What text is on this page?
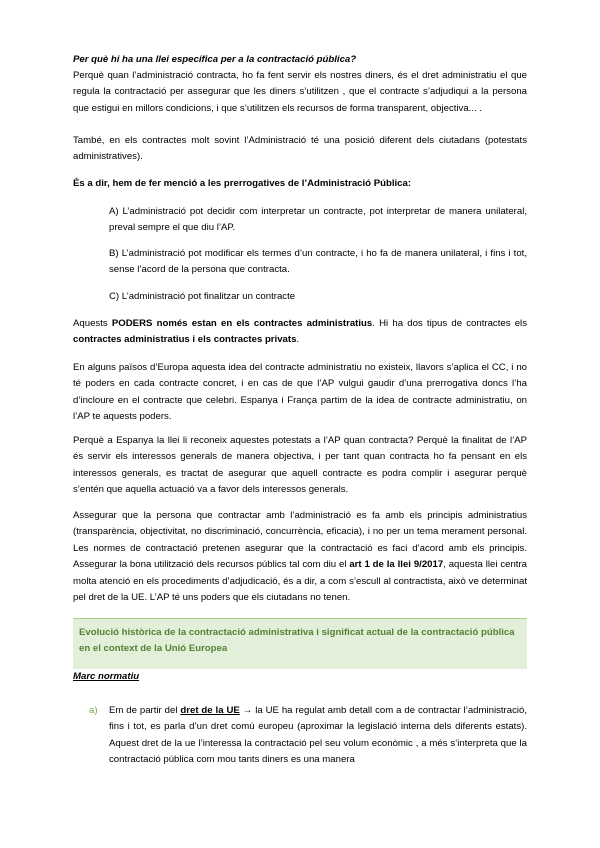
Per què hi ha una llei específica per a la contractació pública?
Perquè quan l’administració contracta, ho fa fent servir els nostres diners, és el dret administratiu el que regula la contractació per assegurar que les diners s’utilitzen , que el contracte s’adjudiqui a la persona que estigui en millors condicions, i que s’utilitzen els recursos de forma transparent, objectiva... .
També, en els contractes molt sovint l’Administració té una posició diferent dels ciutadans (potestats administratives).
És a dir, hem de fer menció a les prerrogatives de l’Administració Pública:
A) L’administració pot decidir com interpretar un contracte, pot interpretar de manera unilateral, preval sempre el que diu l’AP.
B) L’administració pot modificar els termes d’un contracte, i ho fa de manera unilateral, i fins i tot, sense l’acord de la persona que contracta.
C) L’administració pot finalitzar un contracte
Aquests PODERS només estan en els contractes administratius. Hi ha dos tipus de contractes els contractes administratius i els contractes privats.
En alguns països d’Europa aquesta idea del contracte administratiu no existeix, llavors s’aplica el CC, i no té poders en cada contracte concret, i en cas de que l’AP vulgui gaudir d’una prerrogativa doncs l’ha d’incloure en el contracte que celebri. Espanya i França partim de la idea de contracte administratiu, on l’AP te aquests poders.
Perquè a Espanya la llei li reconeix aquestes potestats a l’AP quan contracta? Perquè la finalitat de l’AP és servir els interessos generals de manera objectiva, i per tant quan contracta ho fa pensant en els interessos generals, es tractat de asegurar que aquell contracte es podra complir i asegurar perquè s’entén que aquella actuació va a favor dels interessos generals.
Assegurar que la persona que contractar amb l’administració es fa amb els principis administratius (transparència, objectivitat, no discriminació, concurrència, eficacia), i no per un tema merament personal. Les normes de contractació pretenen asegurar que la contractació es faci d’acord amb els principis. Assegurar la bona utilització dels recursos públics tal com diu el art 1 de la llei 9/2017, aquesta llei centra molta atenció en els procediments d’adjudicació, és a dir, a com s’escull al contractista, això ve determinat pel dret de la UE. L’AP té uns poders que els ciutadans no tenen.
Evolució històrica de la contractació administrativa i significat actual de la contractació pública en el context de la Unió Europea
Marc normatiu
a) Em de partir del dret de la UE → la UE ha regulat amb detall com a de contractar l’administració, fins i tot, es parla d’un dret comú europeu (aproximar la legislació interna dels diferents estats). Aquest dret de la ue l’interessa la contractació pel seu volum econòmic , a més s’interpreta que la contractació pública com mou tants diners es una manera
